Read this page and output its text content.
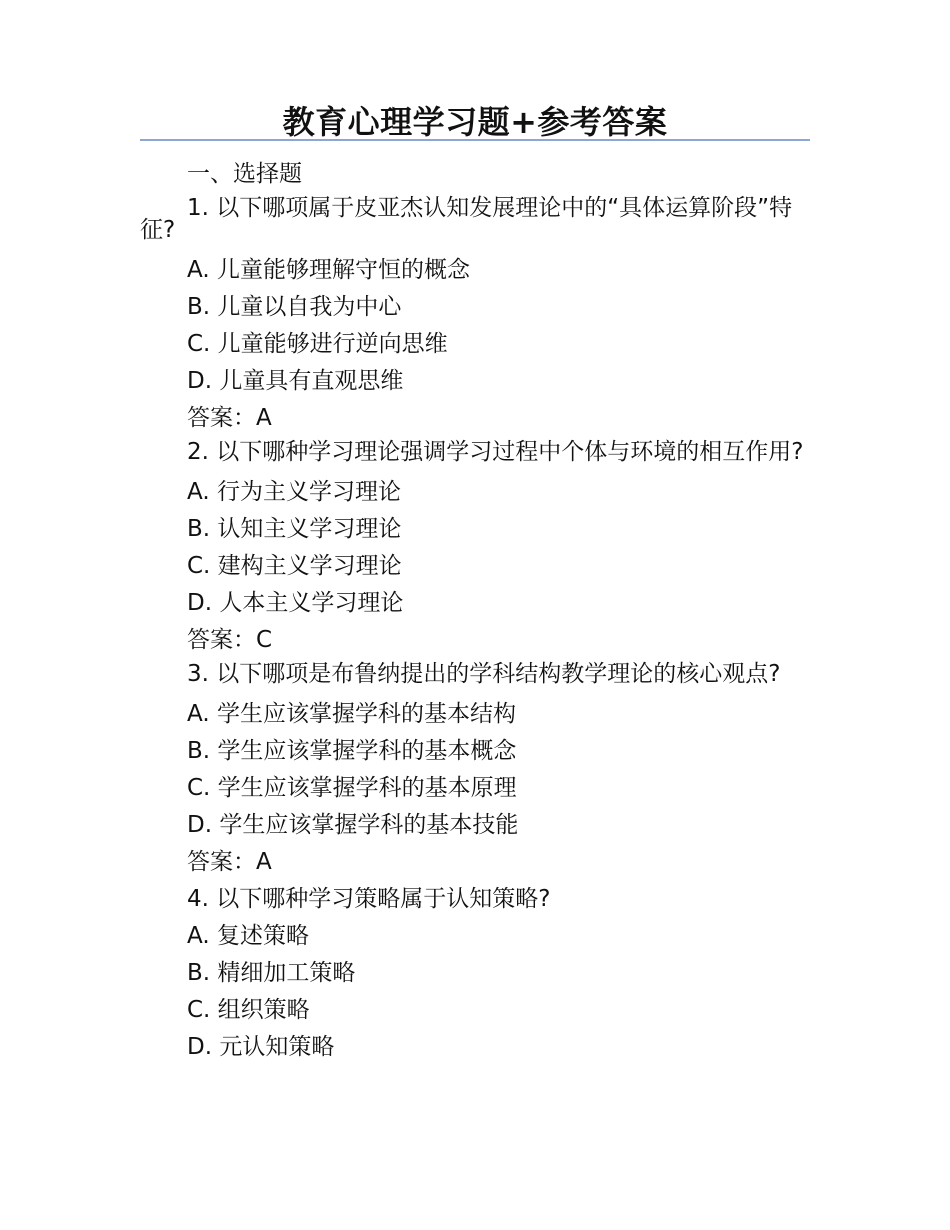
教育心理学习题+参考答案

一、选择题

1. 以下哪项属于皮亚杰认知发展理论中的“具体运算阶段”特征?

A. 儿童能够理解守恒的概念

B. 儿童以自我为中心

C. 儿童能够进行逆向思维

D. 儿童具有直观思维

答案：A

2. 以下哪种学习理论强调学习过程中个体与环境的相互作用?

A. 行为主义学习理论

B. 认知主义学习理论

C. 建构主义学习理论

D. 人本主义学习理论

答案：C

3. 以下哪项是布鲁纳提出的学科结构教学理论的核心观点?

A. 学生应该掌握学科的基本结构

B. 学生应该掌握学科的基本概念

C. 学生应该掌握学科的基本原理

D. 学生应该掌握学科的基本技能

答案：A

4. 以下哪种学习策略属于认知策略?

A. 复述策略

B. 精细加工策略

C. 组织策略

D. 元认知策略
